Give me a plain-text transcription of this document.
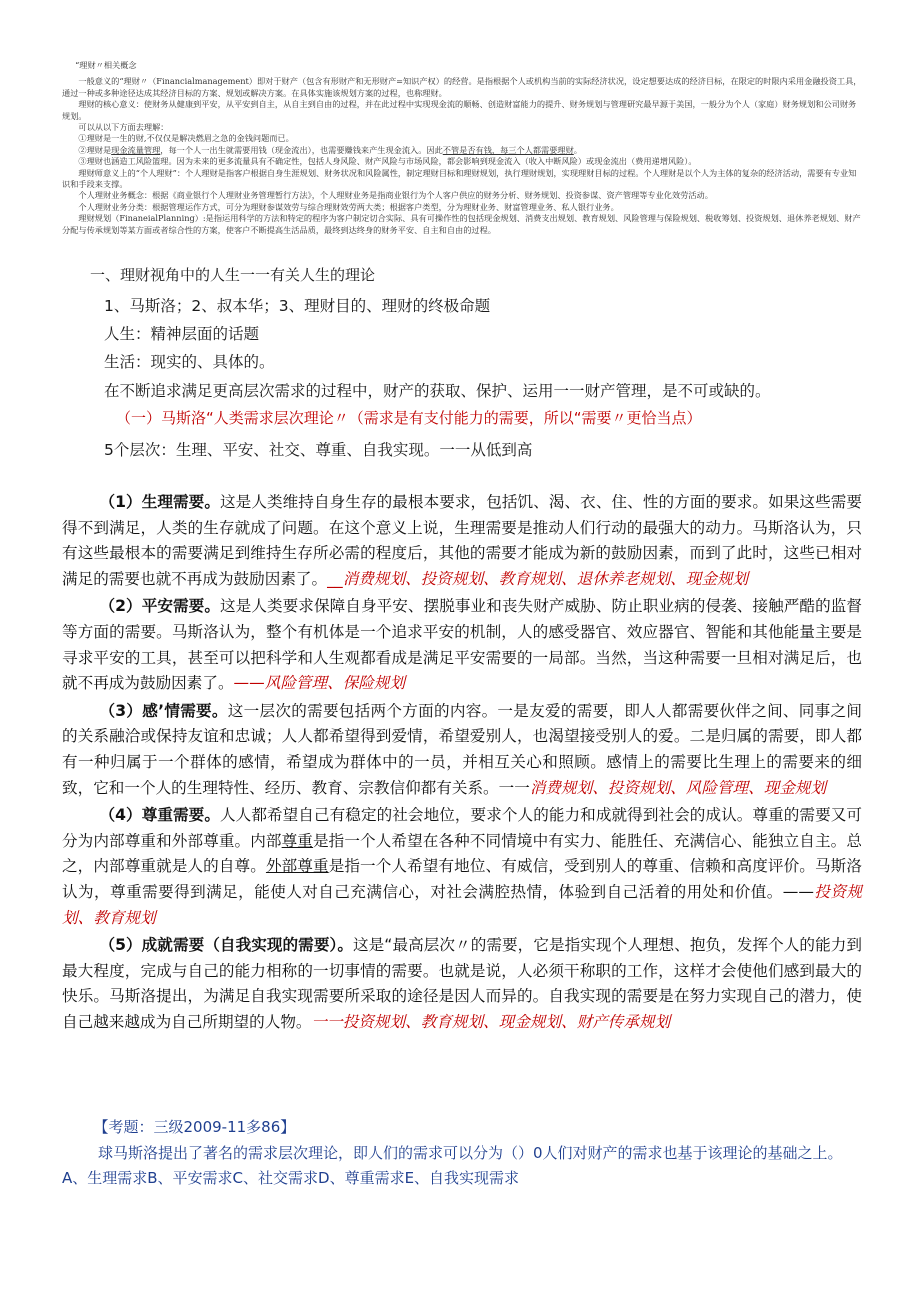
“理财〃相关概念

一般意义的“理财〃（Financialmanagement）即对于财产（包含有形财产和无形财产=知识产权）的经营。是指根据个人或机构当前的实际经济状况，设定想要达成的经济目标，在限定的时限内采用金融投资工具，通过一种或多种途径达成其经济目标的方案、规划或解决方案。在具体实施该规划方案的过程，也称理财。

理财的核心意义：使财务从健康到平安，从平安到自主，从自主到自由的过程，并在此过程中实现现金流的顺畅、创造财富能力的提升、财务规划与管理研究最早源于美国，一般分为个人（家庭）财务规划和公司财务规划。

可以从以下方面去理解：

①理财是一生的财,不仅仅是解决燃眉之急的金钱问题而已。

②理财是现金流量管理，每一个人一出生就需要用钱（现金流出），也需要赚钱来产生现金流入。因此不管是否有钱，每三个人都需要理财。

③理财也涵造工风险篮理。因为未来的更多流量具有不确定性，包括人身风险、财产风险与市场风险，都会影响到现金流入（收入中断风险）或现金流出（费用递增风险）。

理财师意义上的“个人理财”：个人理财是指客户根据自身生涯规划、财务状况和风险属性，制定理财目标和理财规划，执行理财规划，实现理财目标的过程。个人理财是以个人为主体的复杂的经济活动，需要有专业知识和手段来支撑。

个人理财业务概念：根据《商业银行个人理财业务管理暂行方法》，个人理财业务是指商业银行为个人客户供应的财务分析、财务规划、投资参谋、资产管理等专业化效劳活动。

个人理财业务分类：根据管理运作方式，可分为理财参谋效劳与综合理财效劳两大类；根据客户类型，分为理财业务、财富管理业务、私人银行业务。

理财规划（FinaneialPlanning）:是指运用科学的方法和特定的程序为客户制定切合实际、具有可操作性的包括现金规划、消费支出规划、教育规划、风险管理与保险规划、税收筹划、投资规划、退休养老规划、财产分配与传承规划等某方面或者综合性的方案，使客户不断提高生活品质，最终到达终身的财务平安、自主和自由的过程。

一、理财视角中的人生一一有关人生的理论
1、马斯洛；2、叔本华；3、理财目的、理财的终极命题
人生：精神层面的话题
生活：现实的、具体的。
在不断追求满足更高层次需求的过程中，财产的获取、保护、运用一一财产管理，是不可或缺的。
（一）马斯洛“人类需求层次理论〃（需求是有支付能力的需要，所以“需要〃更恰当点）
5个层次：生理、平安、社交、尊重、自我实现。一一从低到高

（1）生理需要。这是人类维持自身生存的最根本要求，包括饥、渴、衣、住、性的方面的要求。如果这些需要得不到满足，人类的生存就成了问题。在这个意义上说，生理需要是推动人们行动的最强大的动力。马斯洛认为，只有这些最根本的需要满足到维持生存所必需的程度后，其他的需要才能成为新的鼓励因素，而到了此时，这些已相对满足的需要也就不再成为鼓励因素了。__消费规划、投资规划、教育规划、退休养老规划、现金规划

（2）平安需要。这是人类要求保障自身平安、摆脱事业和丧失财产威胁、防止职业病的侵袭、接触严酷的监督等方面的需要。马斯洛认为，整个有机体是一个追求平安的机制，人的感受器官、效应器官、智能和其他能量主要是寻求平安的工具，甚至可以把科学和人生观都看成是满足平安需要的一局部。当然，当这种需要一旦相对满足后，也就不再成为鼓励因素了。——风险管理、保险规划

（3）感’情需要。这一层次的需要包括两个方面的内容。一是友爱的需要，即人人都需要伙伴之间、同事之间的关系融洽或保持友谊和忠诚；人人都希望得到爱情，希望爱别人，也渴望接受别人的爱。二是归属的需要，即人都有一种归属于一个群体的感情，希望成为群体中的一员，并相互关心和照顾。感情上的需要比生理上的需要来的细致，它和一个人的生理特性、经历、教育、宗教信仰都有关系。一一消费规划、投资规划、风险管理、现金规划

（4）尊重需要。人人都希望自己有稳定的社会地位，要求个人的能力和成就得到社会的成认。尊重的需要又可分为内部尊重和外部尊重。内部尊重是指一个人希望在各种不同情境中有实力、能胜任、充满信心、能独立自主。总之，内部尊重就是人的自尊。外部尊重是指一个人希望有地位、有威信，受到别人的尊重、信赖和高度评价。马斯洛认为，尊重需要得到满足，能使人对自己充满信心，对社会满腔热情，体验到自己活着的用处和价值。——投资规划、教育规划

（5）成就需要（自我实现的需要）。这是“最高层次〃的需要，它是指实现个人理想、抱负，发挥个人的能力到最大程度，完成与自己的能力相称的一切事情的需要。也就是说，人必须干称职的工作，这样才会使他们感到最大的快乐。马斯洛提出，为满足自我实现需要所采取的途径是因人而异的。自我实现的需要是在努力实现自己的潜力，使自己越来越成为自己所期望的人物。一一投资规划、教育规划、现金规划、财产传承规划

【考题：三级2009-11多86】

球马斯洛提出了著名的需求层次理论，即人们的需求可以分为（）0人们对财产的需求也基于该理论的基础之上。A、生理需求B、平安需求C、社交需求D、尊重需求E、自我实现需求
